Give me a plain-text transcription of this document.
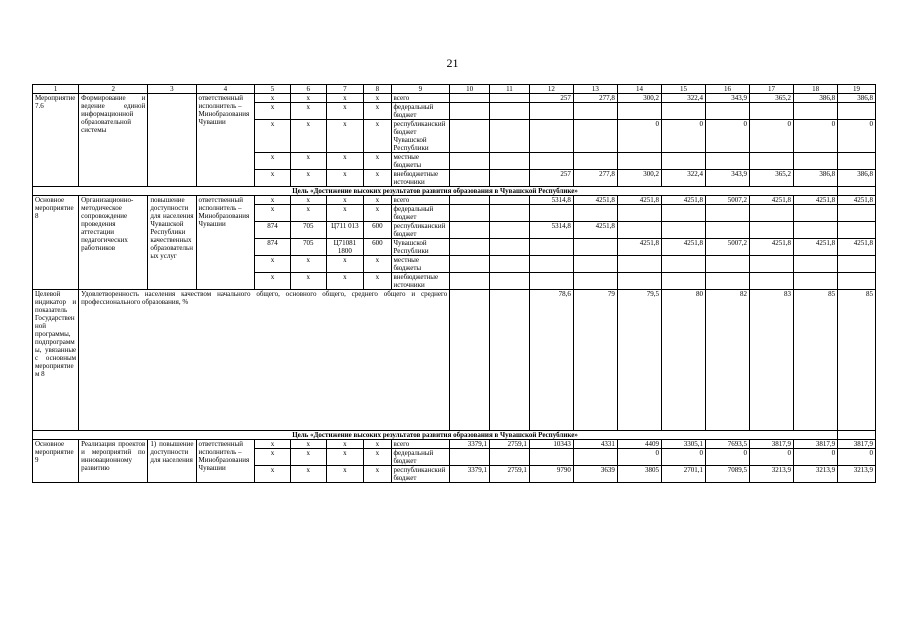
21
1	2	3	4	5	6	7	8	9	10	11	12	13	14	15	16	17	18	19
Мероприятие 7.6	Формирование и ведение единой информационной образовательной системы		ответственный исполнитель – Минобразования Чувашии	x	x	x	x	всего			257	277,8	300,2	322,4	343,9	365,2	386,8	386,8
				x	x	x	x	федеральный бюджет										
				x	x	x	x	республиканский бюджет Чувашской Республики					0	0	0	0	0	0
				x	x	x	x	местные бюджеты										
				x	x	x	x	внебюджетные источники			257	277,8	300,2	322,4	343,9	365,2	386,8	386,8
Цель «Достижение высоких результатов развития образования в Чувашской Республике»																		
Основное мероприятие 8	Организационно-методическое сопровождение проведения аттестации педагогических работников	повышение доступности для населения Чувашской Республики качественных образовательных услуг	ответственный исполнитель – Минобразования Чувашии	x	x	x	x	всего			5314,8	4251,8	4251,8	4251,8	5007,2	4251,8	4251,8	4251,8
				x	x	x	x	федеральный бюджет										
				874	705	Ц711 013	600	республиканский бюджет			5314,8	4251,8						
				874	705	Ц71081 1800	600	Чувашской Республики					4251,8	4251,8	5007,2	4251,8	4251,8	4251,8
				x	x	x	x	местные бюджеты										
				x	x	x	x	внебюджетные источники										
Целевой индикатор и показатель Государственной программы, подпрограммы, увязанные с основным мероприятием 8	Удовлетворенность населения качеством начального общего, основного общего, среднего общего и среднего профессионального образования, %										78,6	79	79,5	80	82	83	85	85
Цель «Достижение высоких результатов развития образования в Чувашской Республике»																		
Основное мероприятие 9	Реализация проектов и мероприятий по инновационному развитию	1) повышение доступности для населения	ответственный исполнитель – Минобразования Чувашии	x	x	x	x	всего	3379,1	2759,1	10343	4331	4409	3305,1	7693,5	3817,9	3817,9	3817,9
				x	x	x	x	федеральный бюджет					0	0	0	0	0	0
				x	x	x	x	республиканский бюджет	3379,1	2759,1	9790	3639	3805	2701,1	7089,5	3213,9	3213,9	3213,9
